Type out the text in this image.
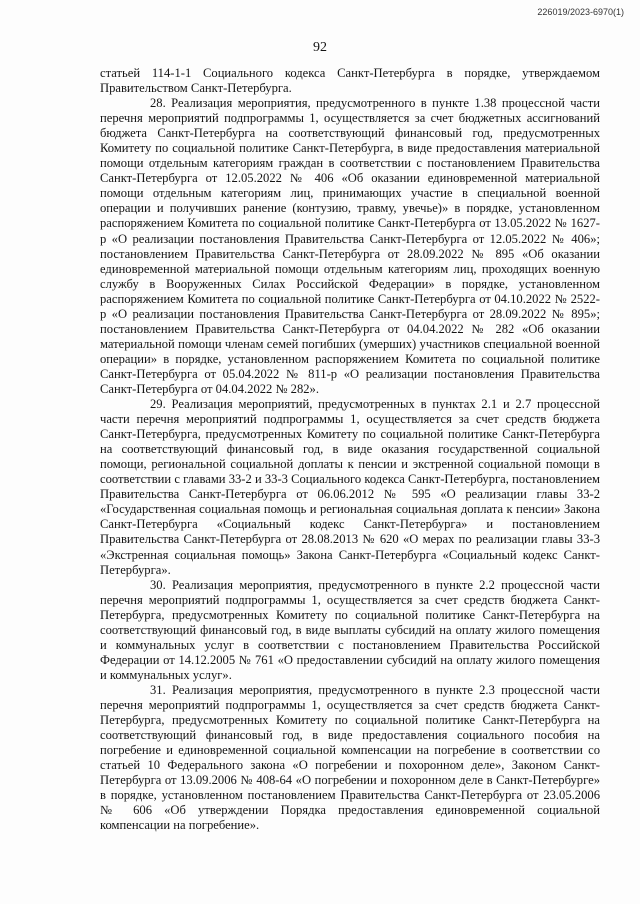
226019/2023-6970(1)
92

статьей 114-1-1 Социального кодекса Санкт-Петербурга в порядке, утверждаемом Правительством Санкт-Петербурга.

28. Реализация мероприятия, предусмотренного в пункте 1.38 процессной части перечня мероприятий подпрограммы 1, осуществляется за счет бюджетных ассигнований бюджета Санкт-Петербурга на соответствующий финансовый год, предусмотренных Комитету по социальной политике Санкт-Петербурга, в виде предоставления материальной помощи отдельным категориям граждан в соответствии с постановлением Правительства Санкт-Петербурга от 12.05.2022 № 406 «Об оказании единовременной материальной помощи отдельным категориям лиц, принимающих участие в специальной военной операции и получивших ранение (контузию, травму, увечье)» в порядке, установленном распоряжением Комитета по социальной политике Санкт-Петербурга от 13.05.2022 № 1627-р «О реализации постановления Правительства Санкт-Петербурга от 12.05.2022 № 406»; постановлением Правительства Санкт-Петербурга от 28.09.2022 № 895 «Об оказании единовременной материальной помощи отдельным категориям лиц, проходящих военную службу в Вооруженных Силах Российской Федерации» в порядке, установленном распоряжением Комитета по социальной политике Санкт-Петербурга от 04.10.2022 № 2522-р «О реализации постановления Правительства Санкт-Петербурга от 28.09.2022 № 895»; постановлением Правительства Санкт-Петербурга от 04.04.2022 № 282 «Об оказании материальной помощи членам семей погибших (умерших) участников специальной военной операции» в порядке, установленном распоряжением Комитета по социальной политике Санкт-Петербурга от 05.04.2022 № 811-р «О реализации постановления Правительства Санкт-Петербурга от 04.04.2022 № 282».

29. Реализация мероприятий, предусмотренных в пунктах 2.1 и 2.7 процессной части перечня мероприятий подпрограммы 1, осуществляется за счет средств бюджета Санкт-Петербурга, предусмотренных Комитету по социальной политике Санкт-Петербурга на соответствующий финансовый год, в виде оказания государственной социальной помощи, региональной социальной доплаты к пенсии и экстренной социальной помощи в соответствии с главами 33-2 и 33-3 Социального кодекса Санкт-Петербурга, постановлением Правительства Санкт-Петербурга от 06.06.2012 № 595 «О реализации главы 33-2 «Государственная социальная помощь и региональная социальная доплата к пенсии» Закона Санкт-Петербурга «Социальный кодекс Санкт-Петербурга» и постановлением Правительства Санкт-Петербурга от 28.08.2013 № 620 «О мерах по реализации главы 33-3 «Экстренная социальная помощь» Закона Санкт-Петербурга «Социальный кодекс Санкт-Петербурга».

30. Реализация мероприятия, предусмотренного в пункте 2.2 процессной части перечня мероприятий подпрограммы 1, осуществляется за счет средств бюджета Санкт-Петербурга, предусмотренных Комитету по социальной политике Санкт-Петербурга на соответствующий финансовый год, в виде выплаты субсидий на оплату жилого помещения и коммунальных услуг в соответствии с постановлением Правительства Российской Федерации от 14.12.2005 № 761 «О предоставлении субсидий на оплату жилого помещения и коммунальных услуг».

31. Реализация мероприятия, предусмотренного в пункте 2.3 процессной части перечня мероприятий подпрограммы 1, осуществляется за счет средств бюджета Санкт-Петербурга, предусмотренных Комитету по социальной политике Санкт-Петербурга на соответствующий финансовый год, в виде предоставления социального пособия на погребение и единовременной социальной компенсации на погребение в соответствии со статьей 10 Федерального закона «О погребении и похоронном деле», Законом Санкт-Петербурга от 13.09.2006 № 408-64 «О погребении и похоронном деле в Санкт-Петербурге» в порядке, установленном постановлением Правительства Санкт-Петербурга от 23.05.2006 № 606 «Об утверждении Порядка предоставления единовременной социальной компенсации на погребение».
